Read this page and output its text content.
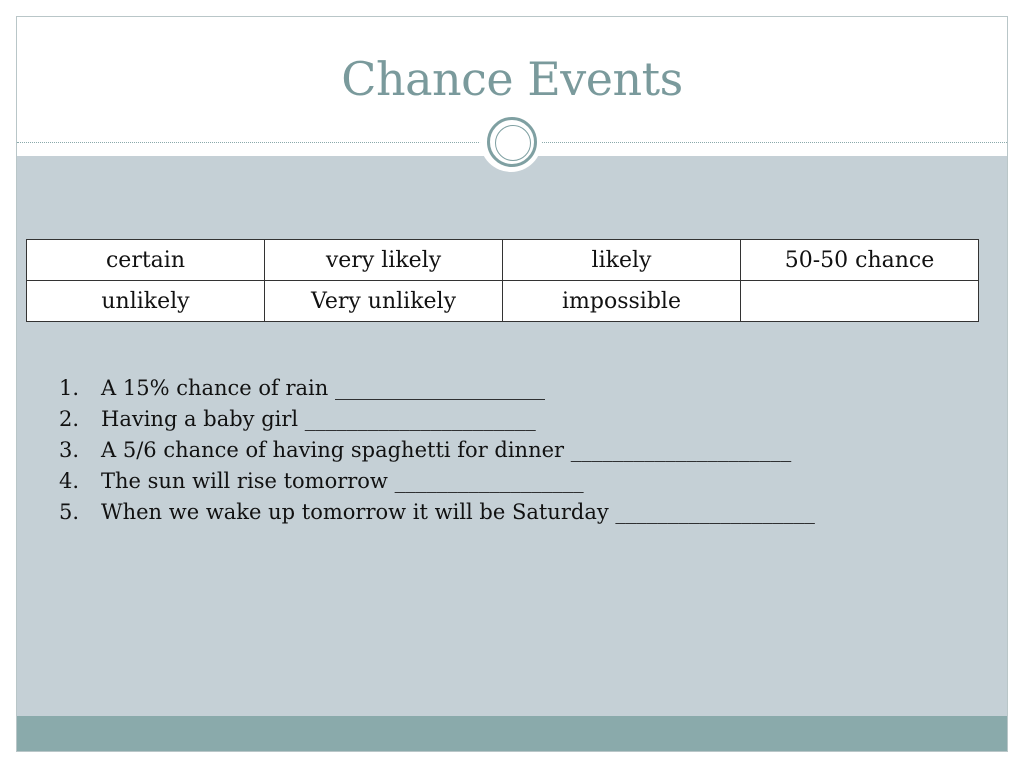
Chance Events
certain	very likely	likely	50-50 chance
unlikely	Very unlikely	impossible	
1. A 15% chance of rain ____________________
2. Having a baby girl ______________________
3. A 5/6 chance of having spaghetti for dinner _____________________
4. The sun will rise tomorrow __________________
5. When we wake up tomorrow it will be Saturday ___________________
